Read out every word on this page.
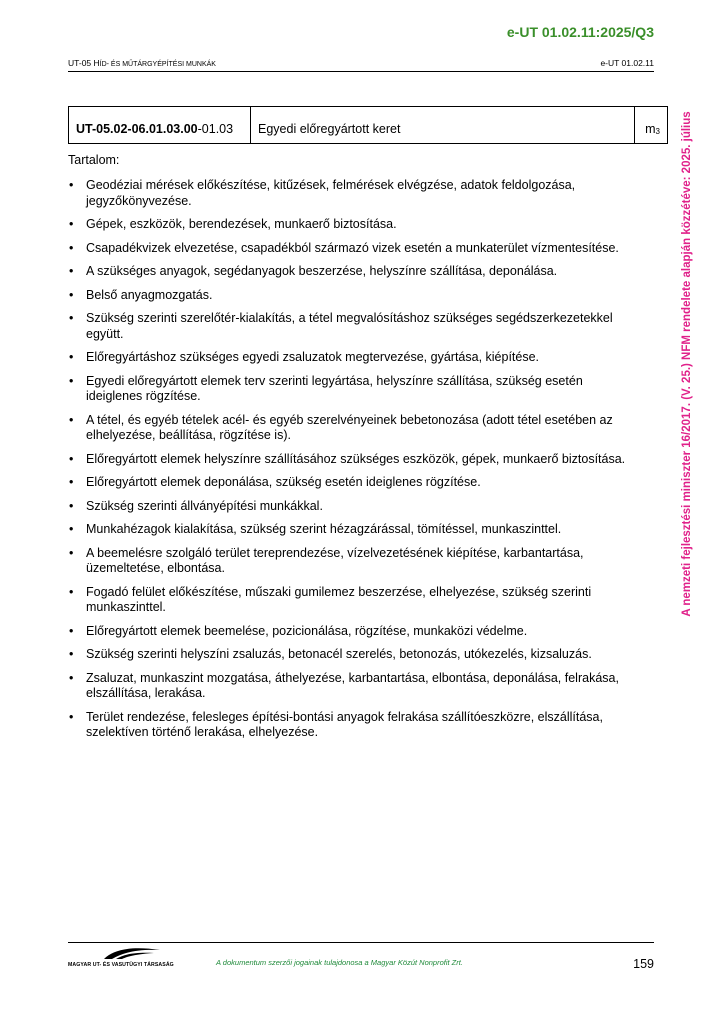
e-UT 01.02.11:2025/Q3
UT-05 HÍD- ÉS MŰTÁRGYÉPÍTÉSI MUNKÁK	e-UT 01.02.11
A nemzeti fejlesztési miniszter 16/2017. (V. 25.) NFM rendelete alapján közzétéve: 2025. július
UT-05.02-06.01.03.00 -01.03	Egyedi előregyártott keret	$m_3$
Tartalom:
• Geodéziai mérések előkészítése, kitűzések, felmérések elvégzése, adatok feldolgozása, jegyzőkönyvezése.
• Gépek, eszközök, berendezések, munkaerő biztosítása.
• Csapadékvizek elvezetése, csapadékból származó vizek esetén a munkaterület vízmentesítése.
• A szükséges anyagok, segédanyagok beszerzése, helyszínre szállítása, deponálása.
• Belső anyagmozgatás.
• Szükség szerinti szerelőtér-kialakítás, a tétel megvalósításhoz szükséges segédszerkezetekkel együtt.
• Előregyártáshoz szükséges egyedi zsaluzatok megtervezése, gyártása, kiépítése.
• Egyedi előregyártott elemek terv szerinti legyártása, helyszínre szállítása, szükség esetén ideiglenes rögzítése.
• A tétel, és egyéb tételek acél- és egyéb szerelvényeinek bebetonozása (adott tétel esetében az elhelyezése, beállítása, rögzítése is).
• Előregyártott elemek helyszínre szállításához szükséges eszközök, gépek, munkaerő biztosítása.
• Előregyártott elemek deponálása, szükség esetén ideiglenes rögzítése.
• Szükség szerinti állványépítési munkákkal.
• Munkahézagok kialakítása, szükség szerint hézagzárással, tömítéssel, munkaszinttel.
• A beemelésre szolgáló terület tereprendezése, vízelvezetésének kiépítése, karbantartása, üzemeltetése, elbontása.
• Fogadó felület előkészítése, műszaki gumilemez beszerzése, elhelyezése, szükség szerinti munkaszinttel.
• Előregyártott elemek beemelése, pozicionálása, rögzítése, munkaközi védelme.
• Szükség szerinti helyszíni zsaluzás, betonacél szerelés, betonozás, utókezelés, kizsaluzás.
• Zsaluzat, munkaszint mozgatása, áthelyezése, karbantartása, elbontása, deponálása, felrakása, elszállítása, lerakása.
• Terület rendezése, felesleges építési-bontási anyagok felrakása szállítóeszközre, elszállítása, szelektíven történő lerakása, elhelyezése.
MAGYAR UT- ÉS VASUTÜGYI TÁRSASÁG	A dokumentum szerzői jogainak tulajdonosa a Magyar Közút Nonprofit Zrt.	159
